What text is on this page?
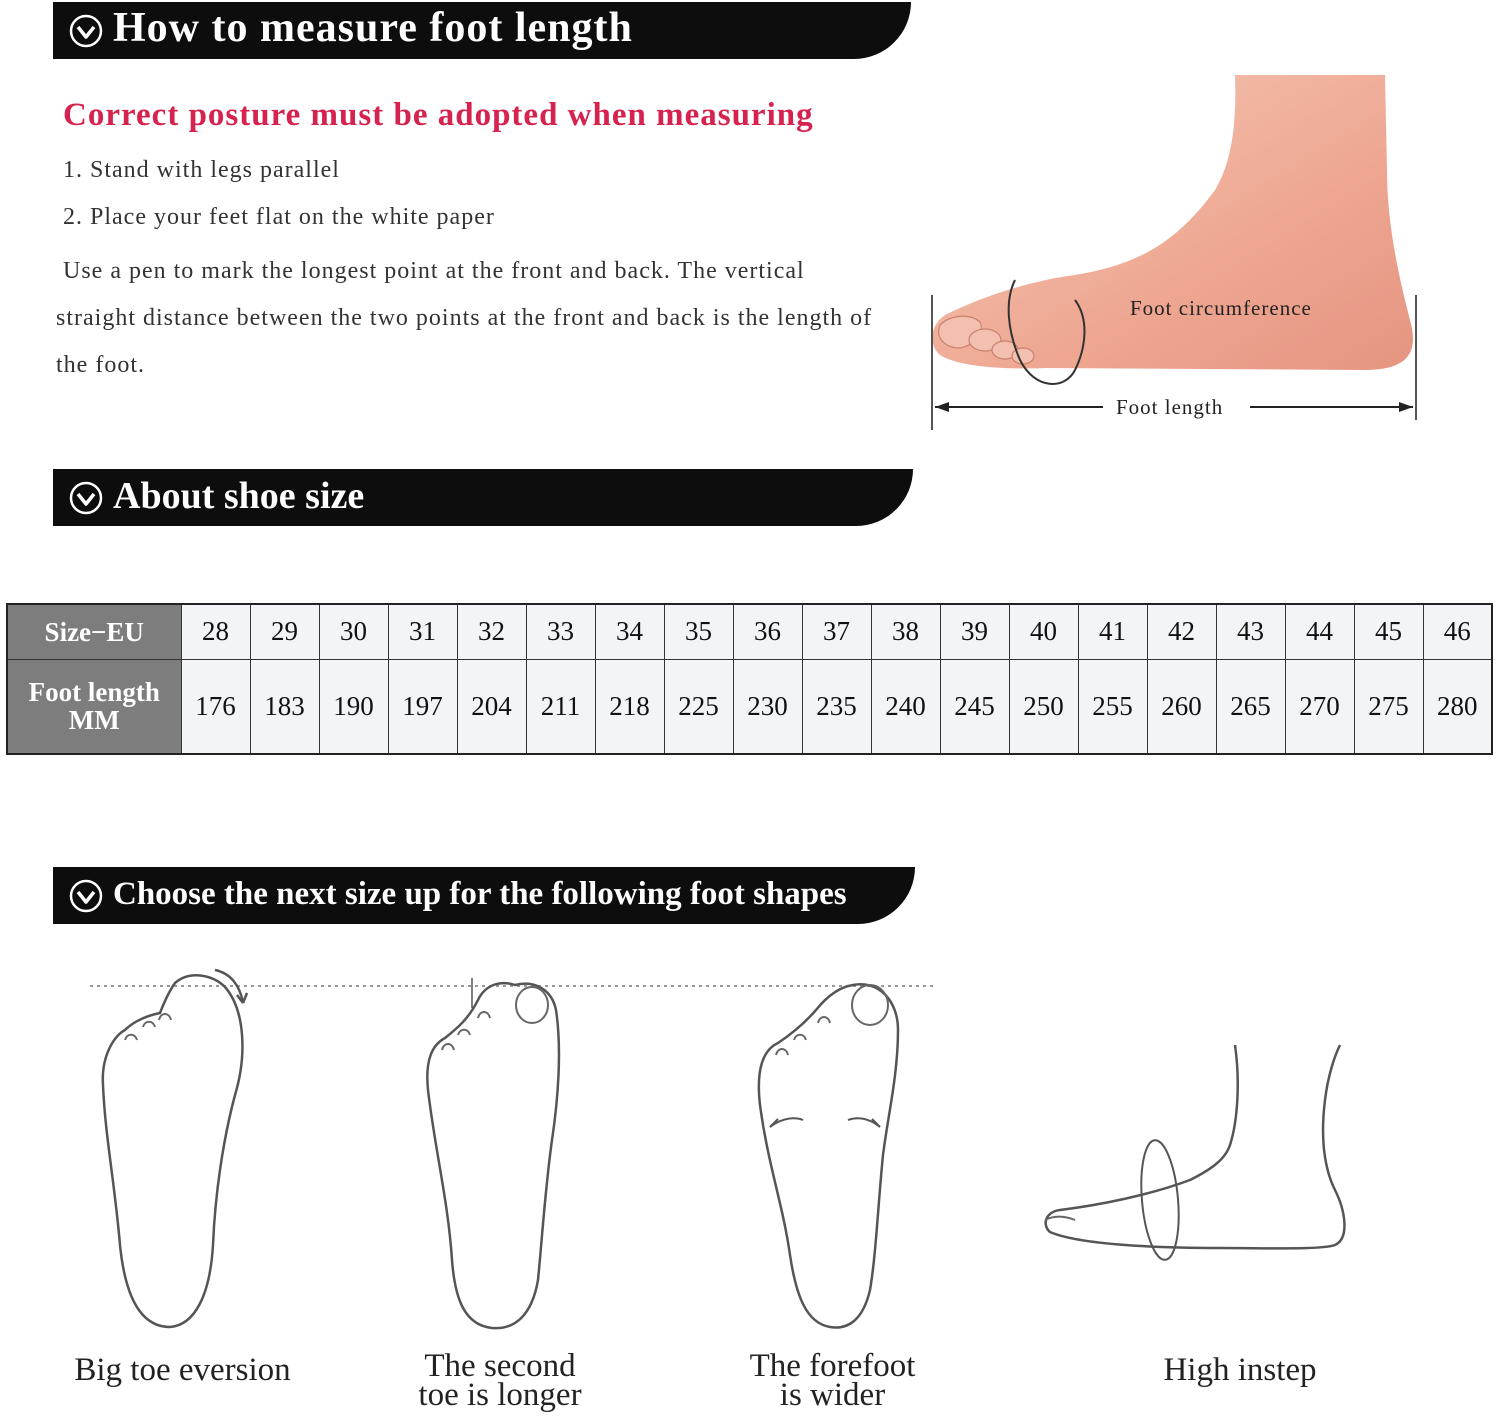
How to measure foot length
Correct posture must be adopted when measuring
1. Stand with legs parallel
2. Place your feet flat on the white paper
Use a pen to mark the longest point at the front and back. The vertical straight distance between the two points at the front and back is the length of the foot.
Foot circumference
Foot length
About shoe size
Size−EU	28	29	30	31	32	33	34	35	36	37	38	39	40	41	42	43	44	45	46

Foot length
MM	176	183	190	197	204	211	218	225	230	235	240	245	250	255	260	265	270	275	280
Choose the next size up for the following foot shapes
Big toe eversion	The second
toe is longer
The forefoot
is wider
High instep
